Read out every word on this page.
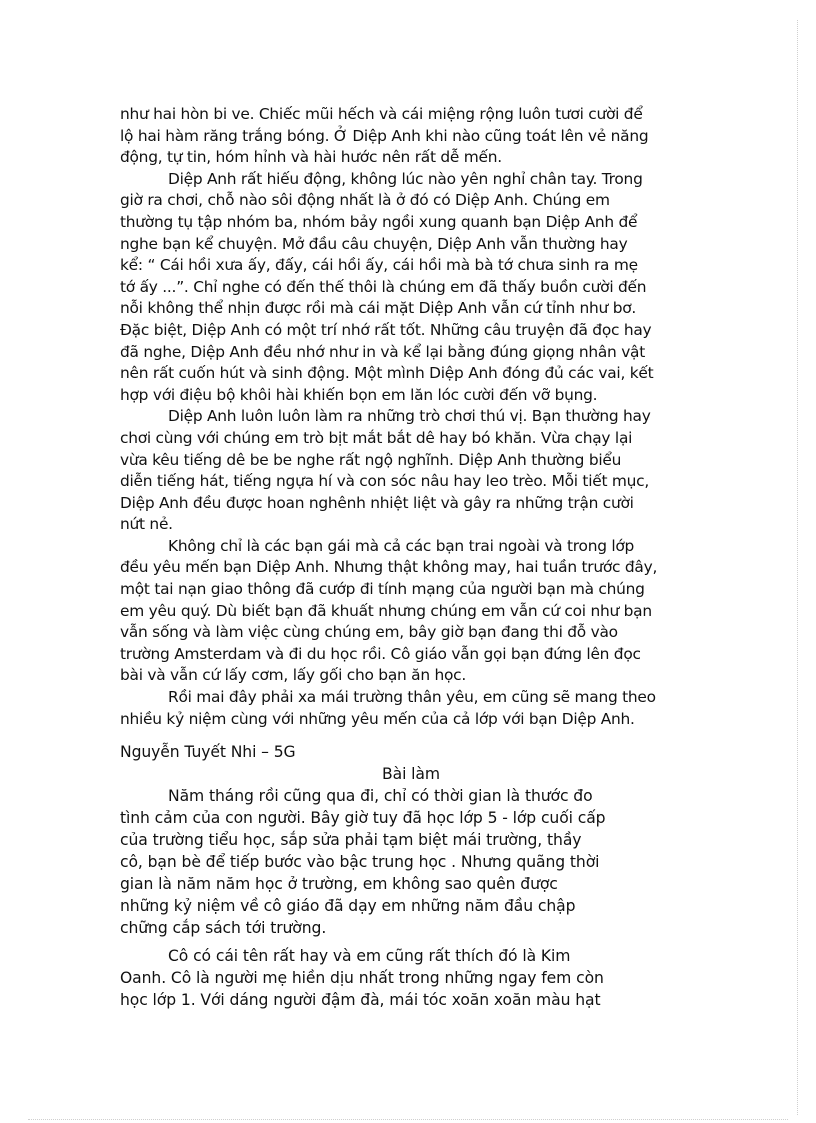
như hai hòn bi ve. Chiếc mũi hếch và cái miệng rộng luôn tươi cười để
lộ hai hàm răng trắng bóng. Ở Diệp Anh khi nào cũng toát lên vẻ năng
động, tự tin, hóm hỉnh và hài hước nên rất dễ mến.
Diệp Anh rất hiếu động, không lúc nào yên nghỉ chân tay. Trong
giờ ra chơi, chỗ nào sôi động nhất là ở đó có Diệp Anh. Chúng em
thường tụ tập nhóm ba, nhóm bảy ngồi xung quanh bạn Diệp Anh để
nghe bạn kể chuyện. Mở đầu câu chuyện, Diệp Anh vẫn thường hay
kể: “ Cái hồi xưa ấy, đấy, cái hồi ấy, cái hồi mà bà tớ chưa sinh ra mẹ
tớ ấy ...”. Chỉ nghe có đến thế thôi là chúng em đã thấy buồn cười đến
nỗi không thể nhịn được rồi mà cái mặt Diệp Anh vẫn cứ tỉnh như bơ.
Đặc biệt, Diệp Anh có một trí nhớ rất tốt. Những câu truyện đã đọc hay
đã nghe, Diệp Anh đều nhớ như in và kể lại bằng đúng giọng nhân vật
nên rất cuốn hút và sinh động. Một mình Diệp Anh đóng đủ các vai, kết
hợp với điệu bộ khôi hài khiến bọn em lăn lóc cười đến vỡ bụng.
Diệp Anh luôn luôn làm ra những trò chơi thú vị. Bạn thường hay
chơi cùng với chúng em trò bịt mắt bắt dê hay bó khăn. Vừa chạy lại
vừa kêu tiếng dê be be nghe rất ngộ nghĩnh. Diệp Anh thường biểu
diễn tiếng hát, tiếng ngựa hí và con sóc nâu hay leo trèo. Mỗi tiết mục,
Diệp Anh đều được hoan nghênh nhiệt liệt và gây ra những trận cười
nứt nẻ.
Không chỉ là các bạn gái mà cả các bạn trai ngoài và trong lớp
đều yêu mến bạn Diệp Anh. Nhưng thật không may, hai tuần trước đây,
một tai nạn giao thông đã cướp đi tính mạng của người bạn mà chúng
em yêu quý. Dù biết bạn đã khuất nhưng chúng em vẫn cứ coi như bạn
vẫn sống và làm việc cùng chúng em, bây giờ bạn đang thi đỗ vào
trường Amsterdam và đi du học rồi. Cô giáo vẫn gọi bạn đứng lên đọc
bài và vẫn cứ lấy cơm, lấy gối cho bạn ăn học.
Rồi mai đây phải xa mái trường thân yêu, em cũng sẽ mang theo
nhiều kỷ niệm cùng với những yêu mến của cả lớp với bạn Diệp Anh.
Nguyễn Tuyết Nhi – 5G
Bài làm
Năm tháng rồi cũng qua đi, chỉ có thời gian là thước đo
tình cảm của con người. Bây giờ tuy đã học lớp 5 - lớp cuối cấp
của trường tiểu học, sắp sửa phải tạm biệt mái trường, thầy
cô, bạn bè để tiếp bước vào bậc trung học . Nhưng quãng thời
gian là năm năm học ở trường, em không sao quên được
những kỷ niệm về cô giáo đã dạy em những năm đầu chập
chững cắp sách tới trường.
Cô có cái tên rất hay và em cũng rất thích đó là Kim
Oanh. Cô là người mẹ hiền dịu nhất trong những ngay fem còn
học lớp 1. Với dáng người đậm đà, mái tóc xoăn xoăn màu hạt
